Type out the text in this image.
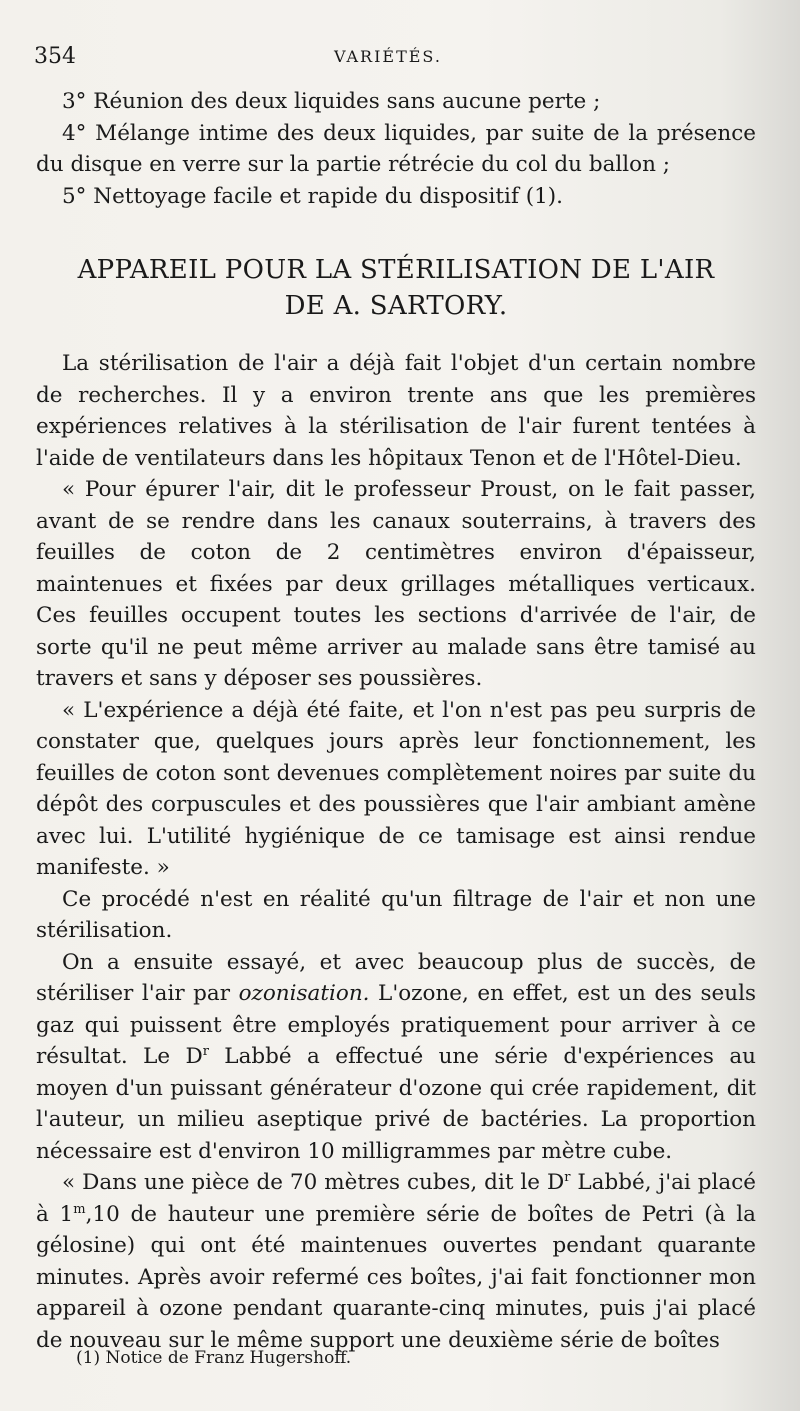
354	VARIÉTÉS.

3° Réunion des deux liquides sans aucune perte ;

4° Mélange intime des deux liquides, par suite de la présence du disque en verre sur la partie rétrécie du col du ballon ;

5° Nettoyage facile et rapide du dispositif (1).

APPAREIL POUR LA STÉRILISATION DE L'AIR
DE A. SARTORY.

La stérilisation de l'air a déjà fait l'objet d'un certain nombre de recherches. Il y a environ trente ans que les premières expériences relatives à la stérilisation de l'air furent tentées à l'aide de ventilateurs dans les hôpitaux Tenon et de l'Hôtel-Dieu.

« Pour épurer l'air, dit le professeur Proust, on le fait passer, avant de se rendre dans les canaux souterrains, à travers des feuilles de coton de 2 centimètres environ d'épaisseur, maintenues et fixées par deux grillages métalliques verticaux. Ces feuilles occupent toutes les sections d'arrivée de l'air, de sorte qu'il ne peut même arriver au malade sans être tamisé au travers et sans y déposer ses poussières.

« L'expérience a déjà été faite, et l'on n'est pas peu surpris de constater que, quelques jours après leur fonctionnement, les feuilles de coton sont devenues complètement noires par suite du dépôt des corpuscules et des poussières que l'air ambiant amène avec lui. L'utilité hygiénique de ce tamisage est ainsi rendue manifeste. »

Ce procédé n'est en réalité qu'un filtrage de l'air et non une stérilisation.

On a ensuite essayé, et avec beaucoup plus de succès, de stériliser l'air par ozonisation. L'ozone, en effet, est un des seuls gaz qui puissent être employés pratiquement pour arriver à ce résultat. Le $D^r$ Labbé a effectué une série d'expériences au moyen d'un puissant générateur d'ozone qui crée rapidement, dit l'auteur, un milieu aseptique privé de bactéries. La proportion nécessaire est d'environ 10 milligrammes par mètre cube.

« Dans une pièce de 70 mètres cubes, dit le $D^r$ Labbé, j'ai placé à 1$^m$,10 de hauteur une première série de boîtes de Petri (à la gélosine) qui ont été maintenues ouvertes pendant quarante minutes. Après avoir refermé ces boîtes, j'ai fait fonctionner mon appareil à ozone pendant quarante-cinq minutes, puis j'ai placé de nouveau sur le même support une deuxième série de boîtes

(1) Notice de Franz Hugershoff.
